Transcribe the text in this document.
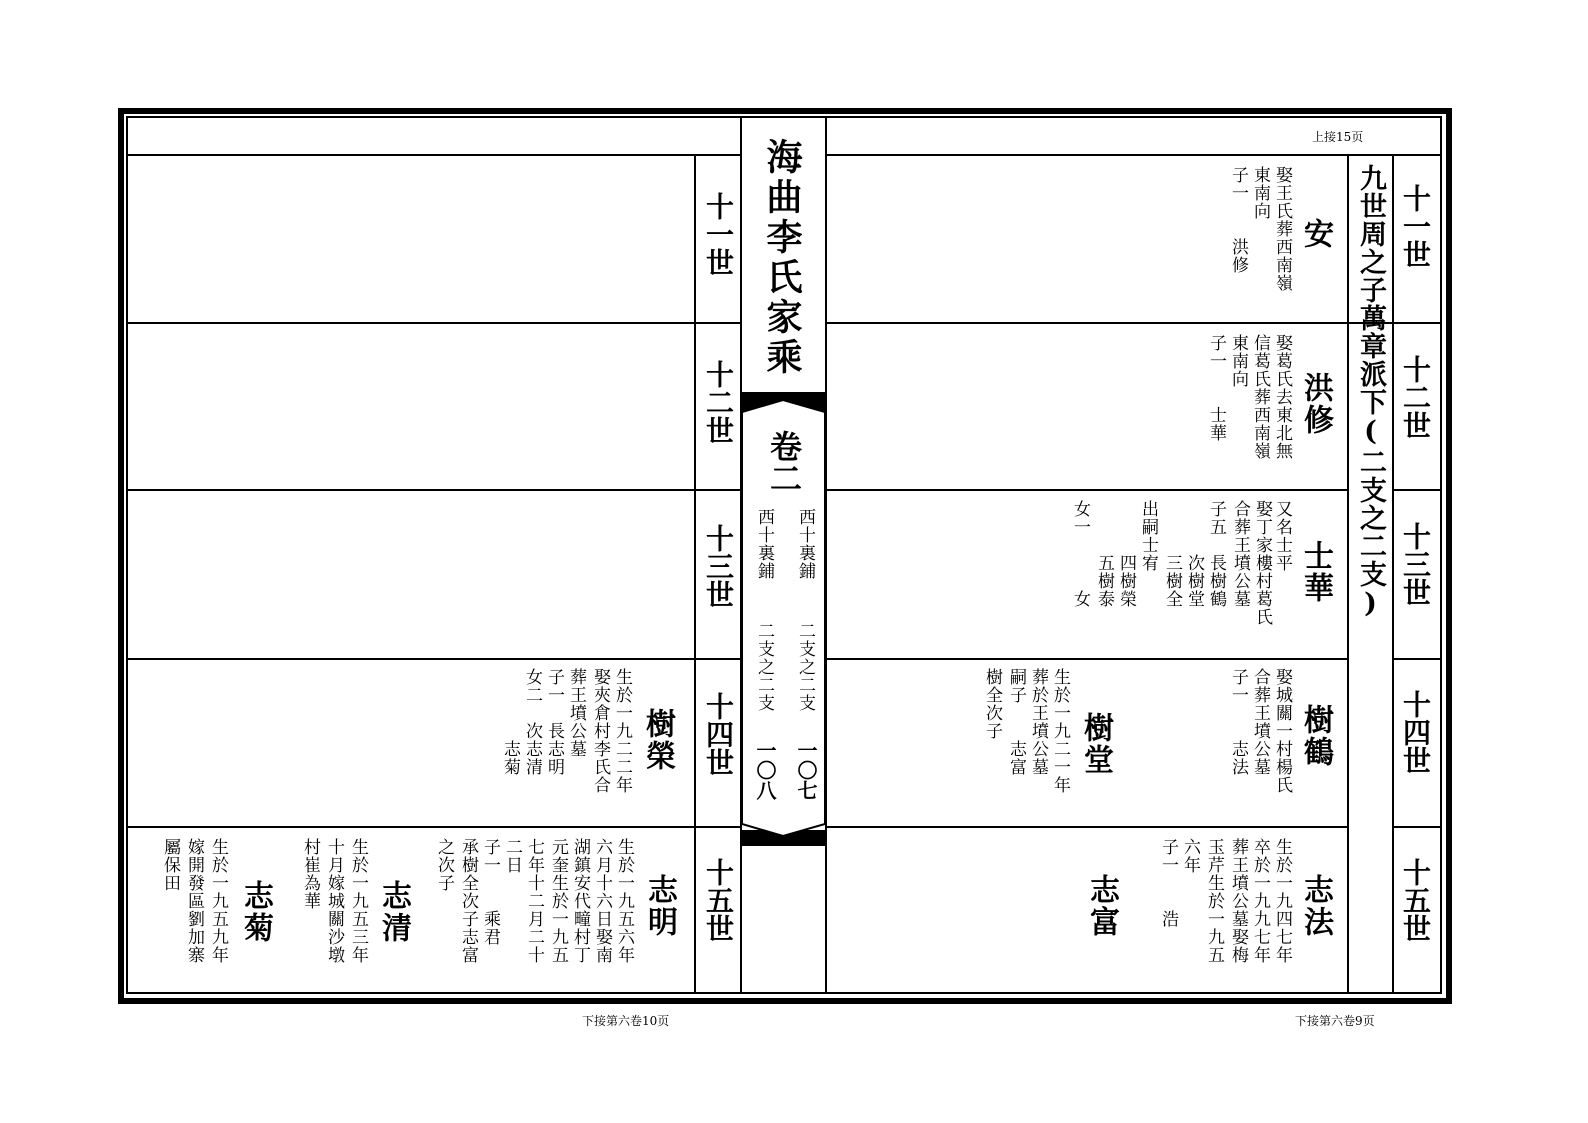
上接15页
下接第六卷10页	下接第六卷9页
海曲李氏家乘
卷二
西十裏鋪
西十裏鋪
二支之二支
二支之二支
一〇七
一〇八
九世周之子萬章派下(二支之二支) 十一世
十二世
十三世
十四世
十五世
十一世
十二世
十三世
十四世
十五世
安
娶王氏葬西南嶺
東南向
子一　　洪修
洪修
娶葛氏去東北無
信葛氏葬西南嶺
東南向
子一　　士華
士華
又名士平
娶丁家樓村葛氏
合葬王墳公墓
子五　長樹鶴
　　　次樹堂
　　　三樹全
出嗣士宥
　　　四樹榮
　　　五樹泰
女一　　　女
樹鶴
娶城關一村楊氏
合葬王墳公墓
子一　　志法
樹堂
生於一九二一年
葬於王墳公墓
嗣子　　志富
樹全次子
志法
生於一九四七年
卒於一九九七年
葬王墳公墓娶梅
玉芹生於一九五
六年
子一　　浩
志富
樹榮
生於一九二二年
娶夾倉村李氏合
葬王墳公墓
子一　長志明
女二　次志清
　　　　志菊
志明
生於一九五六年
六月十六日娶南
湖鎮安代疃村丁
元奎生於一九五
七年十二月二十
二日
子一　　乘君
承樹全次子志富
之次子
志清
生於一九五三年
十月嫁城關沙墩
村崔為華
志菊
生於一九五九年
嫁開發區劉加寨
屬保田
